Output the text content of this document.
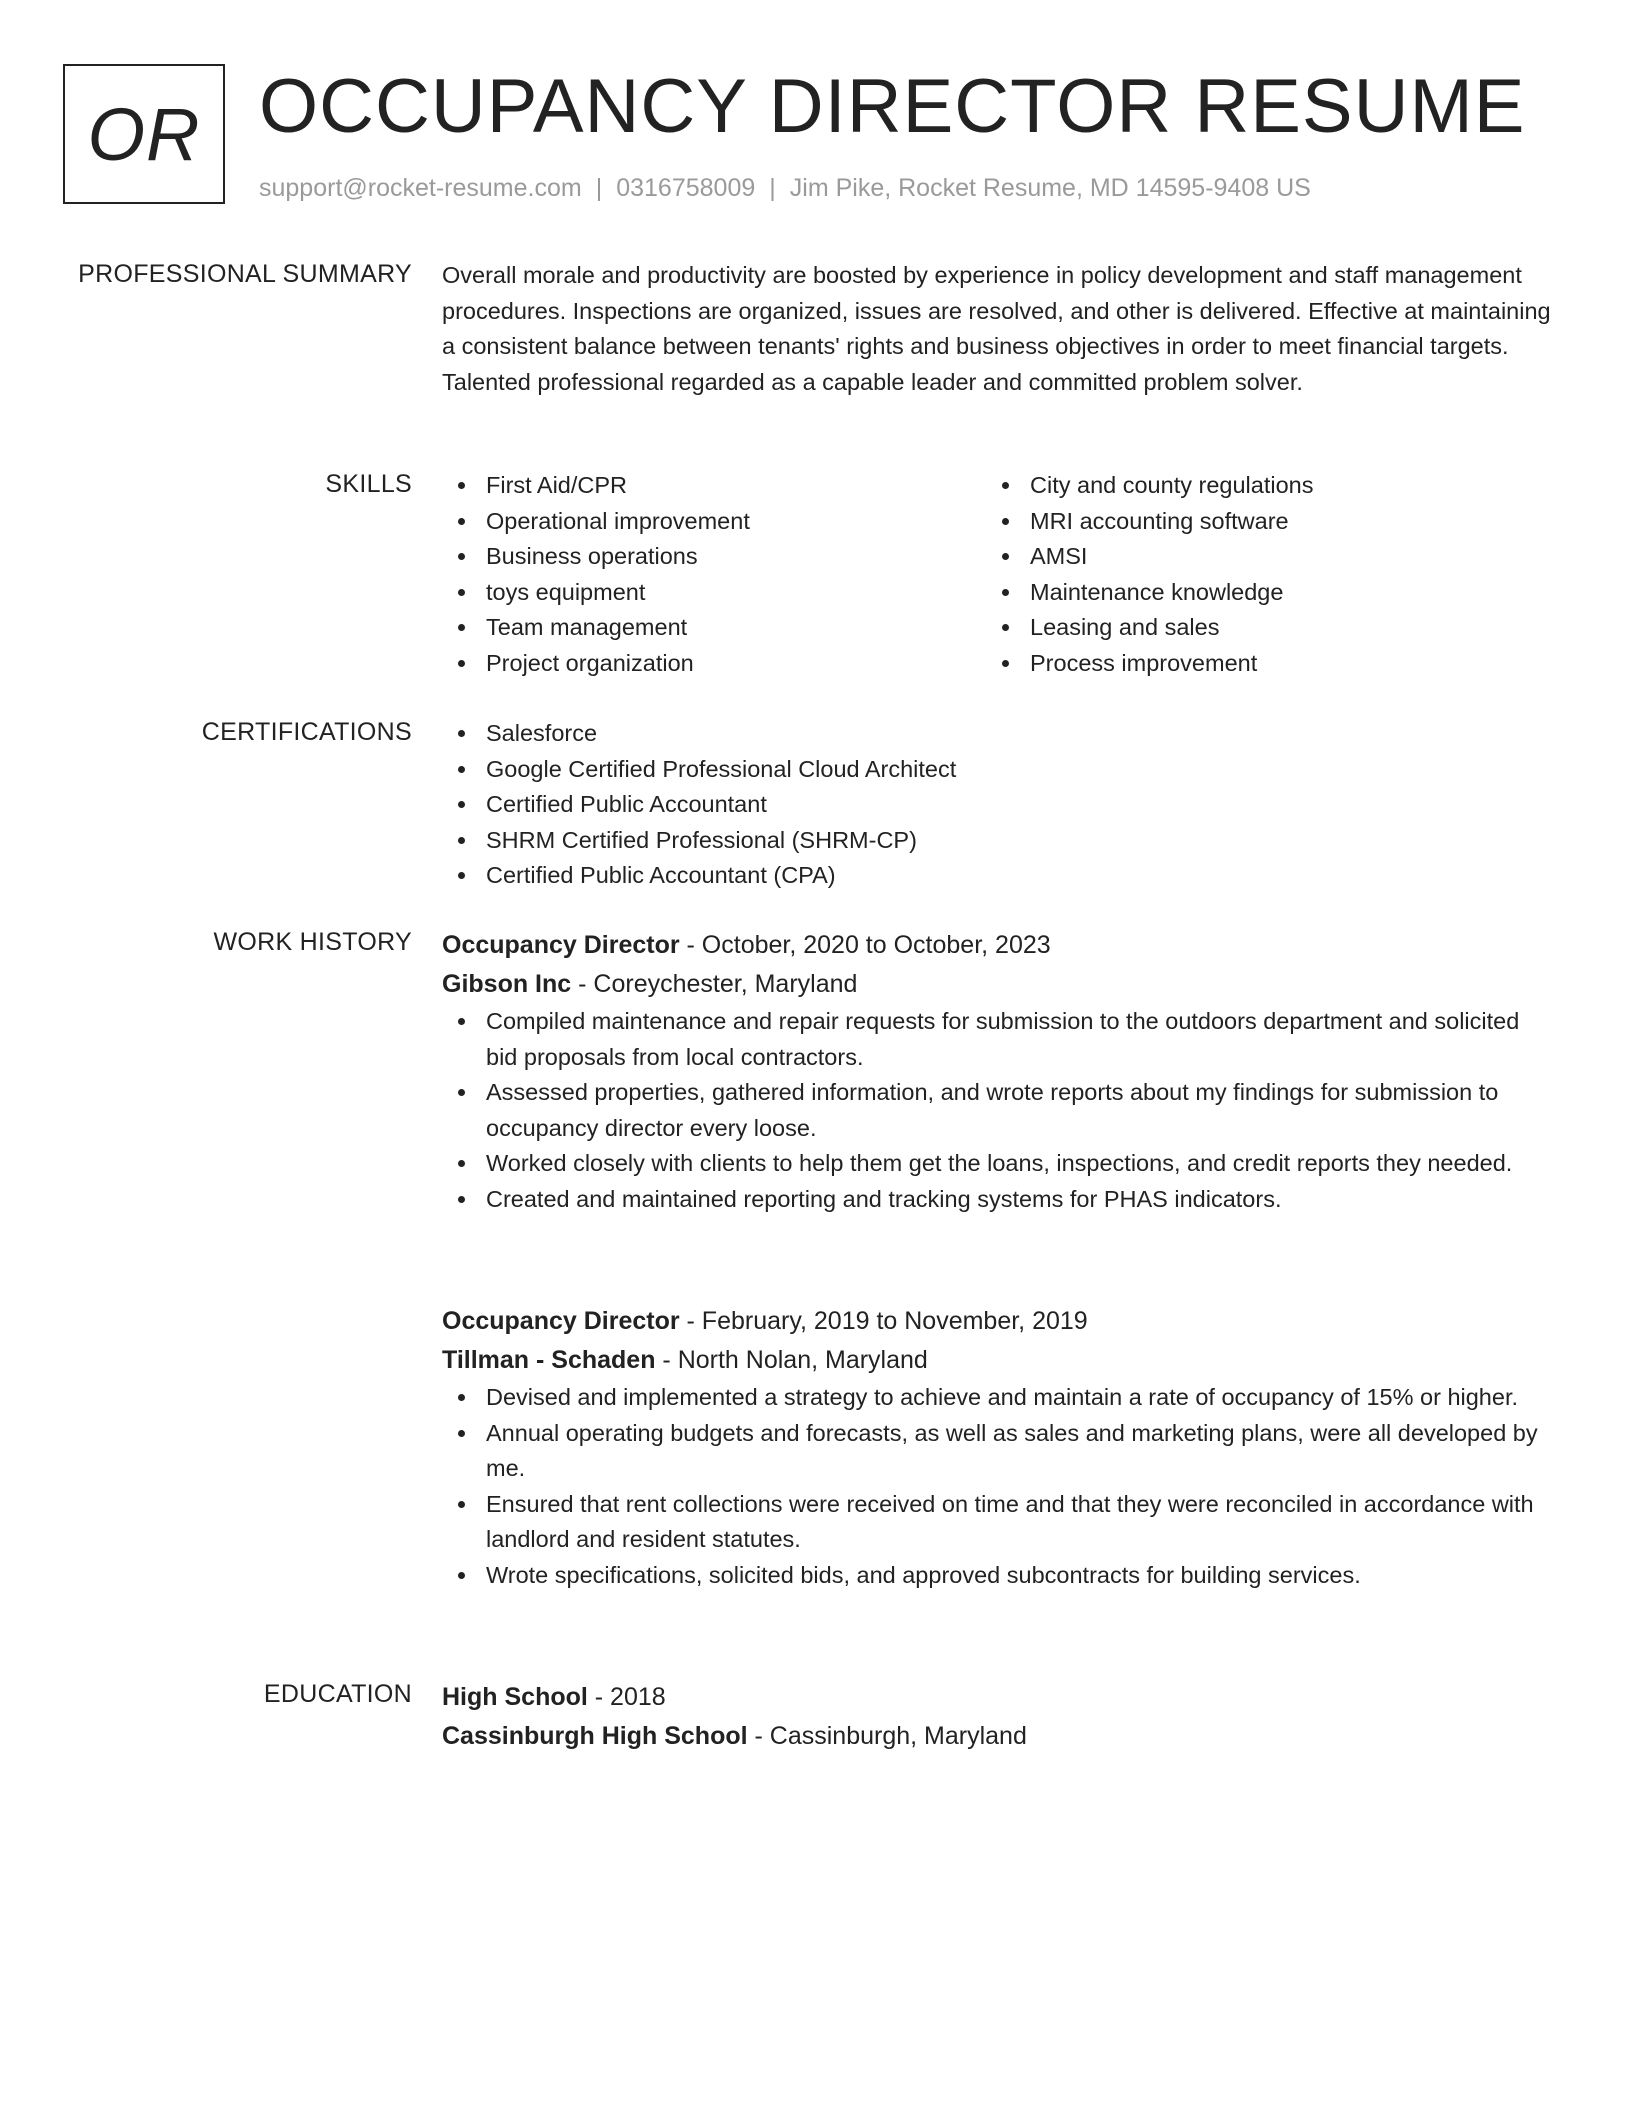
OR OCCUPANCY DIRECTOR RESUME
support@rocket-resume.com | 0316758009 | Jim Pike, Rocket Resume, MD 14595-9408 US
PROFESSIONAL SUMMARY Overall morale and productivity are boosted by experience in policy development and staff management procedures. Inspections are organized, issues are resolved, and other is delivered. Effective at maintaining a consistent balance between tenants' rights and business objectives in order to meet financial targets. Talented professional regarded as a capable leader and committed problem solver.

SKILLS	First Aid/CPR
Operational improvement
Business operations
toys equipment
Team management
Project organization
City and county regulations
MRI accounting software
AMSI
Maintenance knowledge
Leasing and sales
Process improvement
CERTIFICATIONS	Salesforce
Google Certified Professional Cloud Architect
Certified Public Accountant
SHRM Certified Professional (SHRM-CP)
Certified Public Accountant (CPA)
WORK HISTORY Occupancy Director - October, 2020 to October, 2023
Gibson Inc - Coreychester, Maryland
Compiled maintenance and repair requests for submission to the outdoors department and solicited bid proposals from local contractors.
Assessed properties, gathered information, and wrote reports about my findings for submission to occupancy director every loose.
Worked closely with clients to help them get the loans, inspections, and credit reports they needed.
Created and maintained reporting and tracking systems for PHAS indicators.
Occupancy Director - February, 2019 to November, 2019
Tillman - Schaden - North Nolan, Maryland
Devised and implemented a strategy to achieve and maintain a rate of occupancy of 15% or higher.
Annual operating budgets and forecasts, as well as sales and marketing plans, were all developed by me.
Ensured that rent collections were received on time and that they were reconciled in accordance with landlord and resident statutes.
Wrote specifications, solicited bids, and approved subcontracts for building services.
EDUCATION High School - 2018
Cassinburgh High School - Cassinburgh, Maryland
